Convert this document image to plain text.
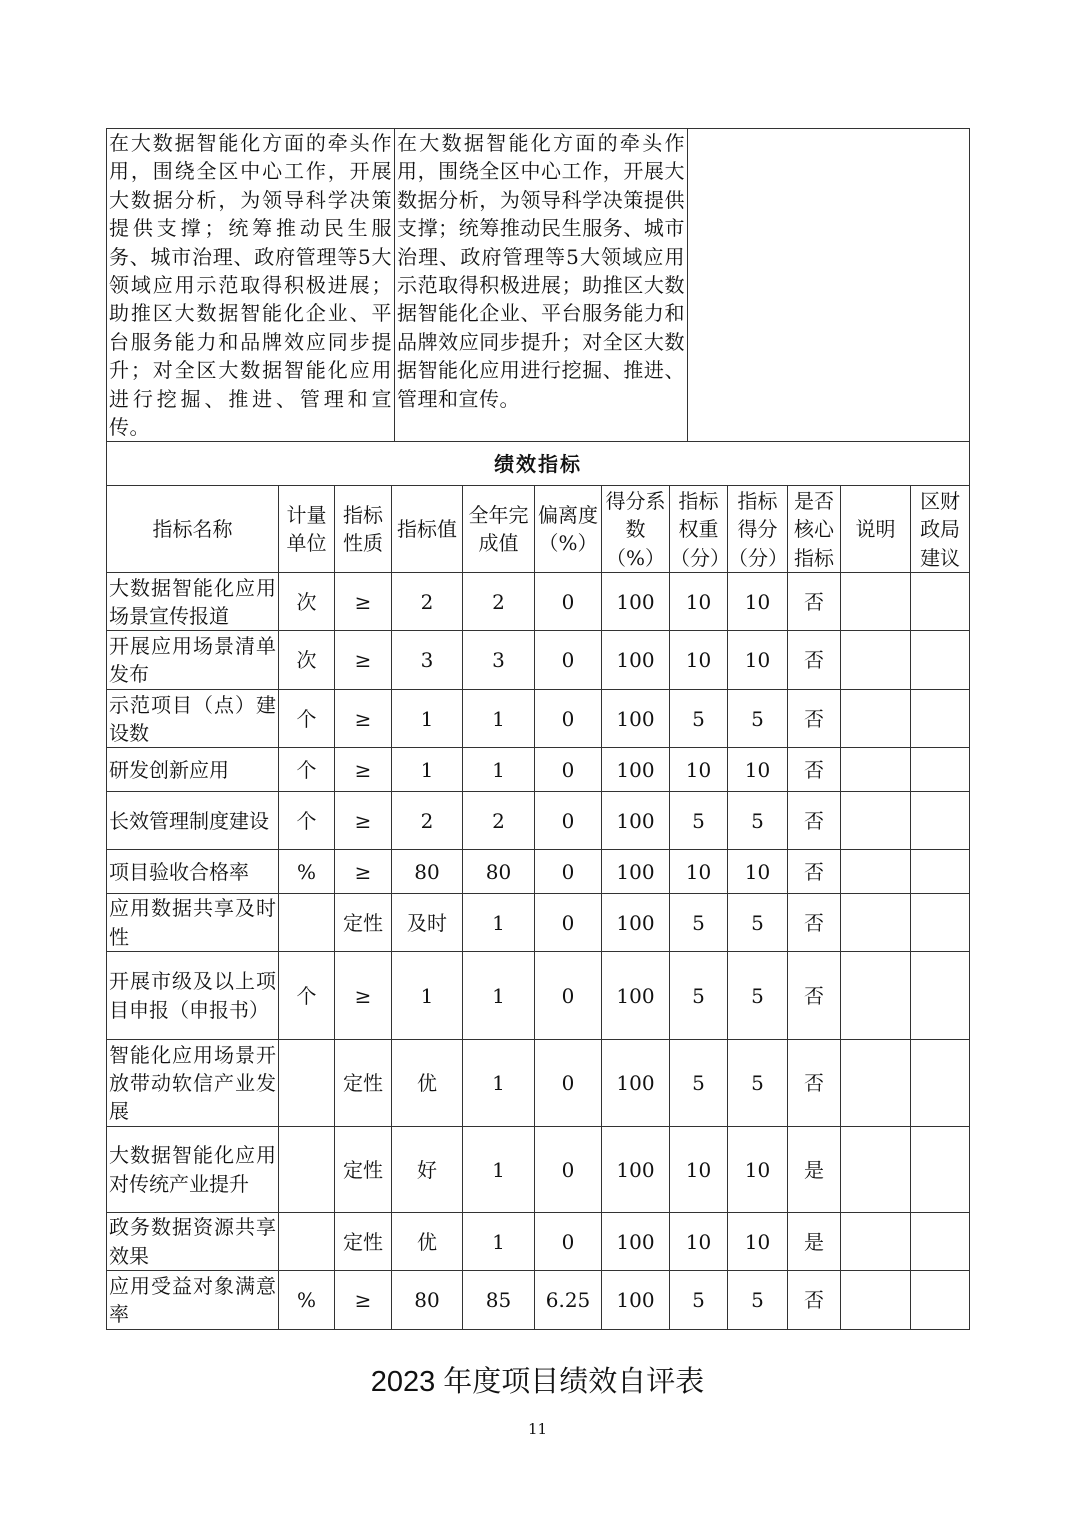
在大数据智能化方面的牵头作用，围绕全区中心工作，开展大数据分析，为领导科学决策提供支撑；统筹推动民生服务、城市治理、政府管理等5大领域应用示范取得积极进展；助推区大数据智能化企业、平台服务能力和品牌效应同步提升；对全区大数据智能化应用进行挖掘、推进、管理和宣传。	在大数据智能化方面的牵头作用，围绕全区中心工作，开展大数据分析，为领导科学决策提供支撑；统筹推动民生服务、城市治理、政府管理等5大领域应用示范取得积极进展；助推区大数据智能化企业、平台服务能力和品牌效应同步提升；对全区大数据智能化应用进行挖掘、推进、管理和宣传。	
绩效指标											
指标名称	计量单位	指标性质	指标值	全年完成值	偏离度（%）	得分系数（%）	指标权重（分）	指标得分（分）	是否核心指标	说明	区财政局建议
大数据智能化应用场景宣传报道	次	≥	2	2	0	100	10	10	否		
开展应用场景清单发布	次	≥	3	3	0	100	10	10	否		
示范项目（点）建设数	个	≥	1	1	0	100	5	5	否		
研发创新应用	个	≥	1	1	0	100	10	10	否		
长效管理制度建设	个	≥	2	2	0	100	5	5	否		
项目验收合格率	%	≥	80	80	0	100	10	10	否		
应用数据共享及时性		定性	及时	1	0	100	5	5	否		
开展市级及以上项目申报（申报书）	个	≥	1	1	0	100	5	5	否		
智能化应用场景开放带动软信产业发展		定性	优	1	0	100	5	5	否		
大数据智能化应用对传统产业提升		定性	好	1	0	100	10	10	是		
政务数据资源共享效果		定性	优	1	0	100	10	10	是		
应用受益对象满意率	%	≥	80	85	6.25	100	5	5	否		
2023 年度项目绩效自评表
11
